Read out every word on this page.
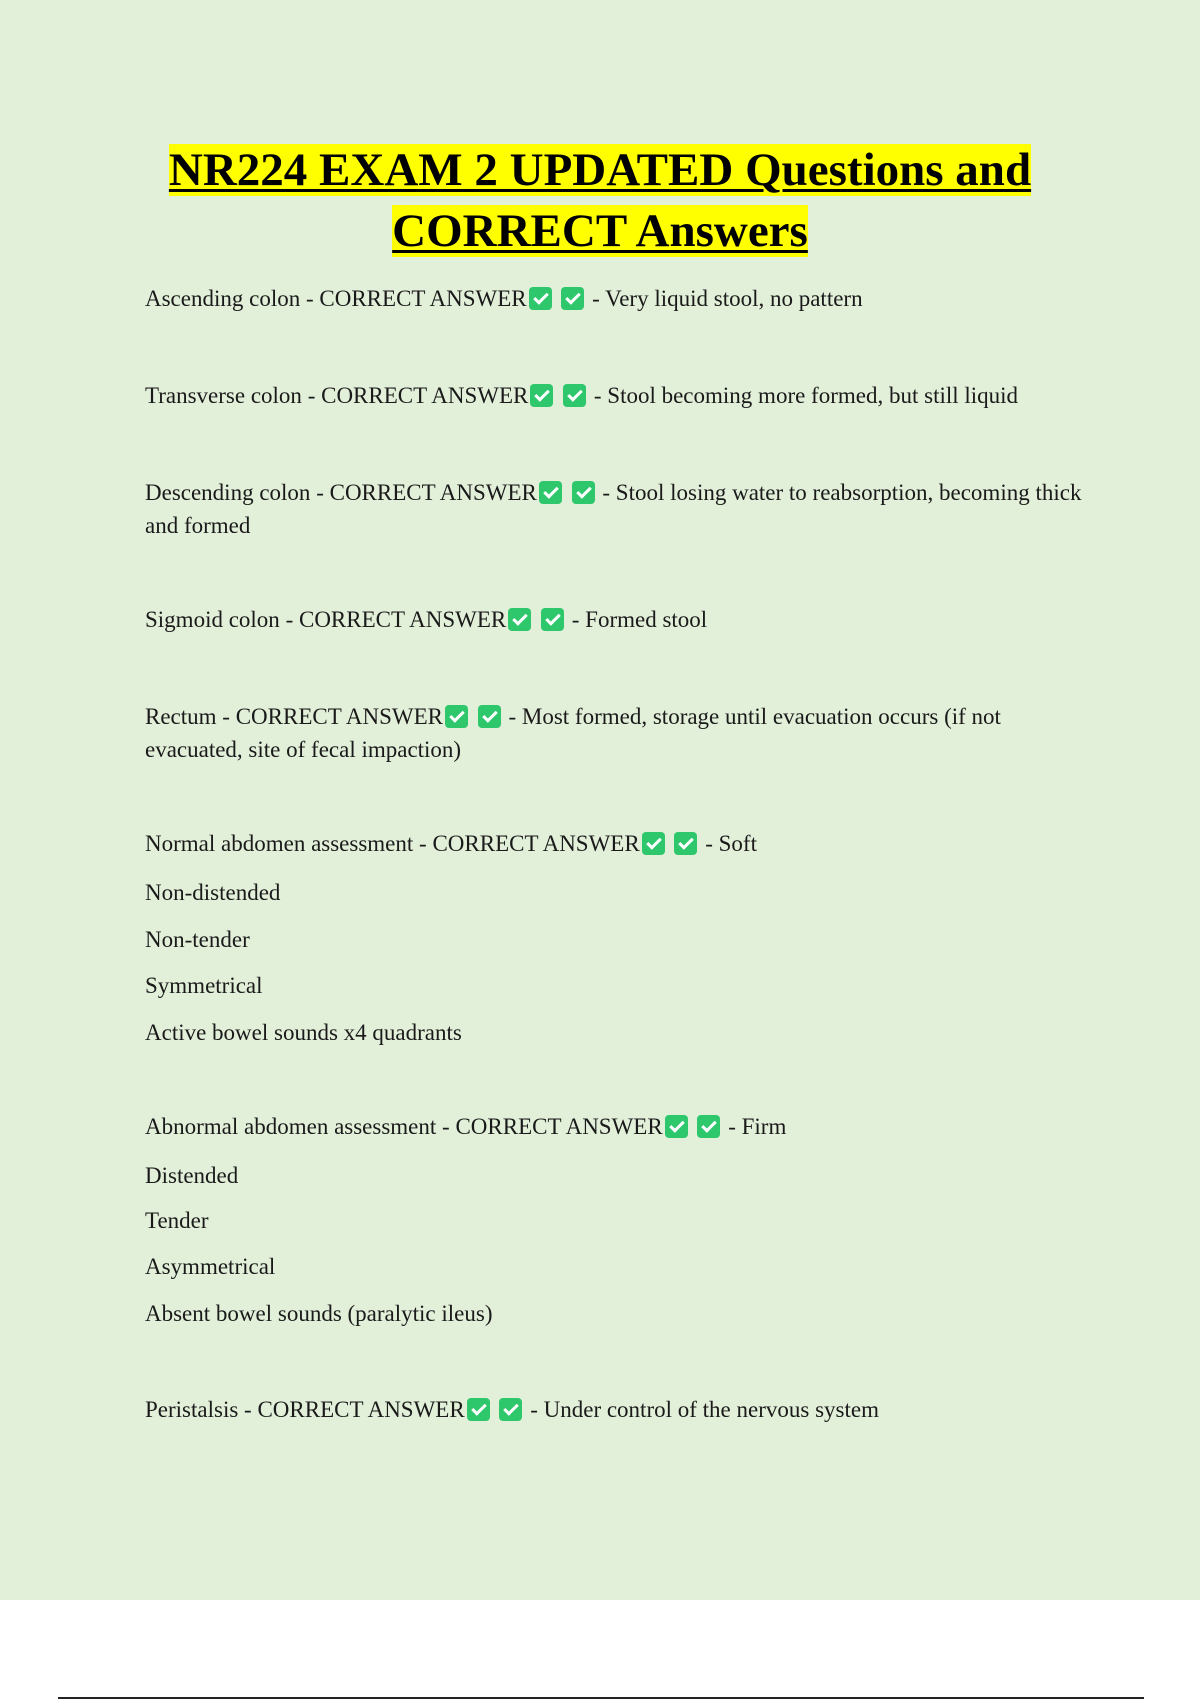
NR224 EXAM 2 UPDATED Questions and
CORRECT Answers

Ascending colon - CORRECT ANSWER	- Very liquid stool, no pattern

Transverse colon - CORRECT ANSWER	- Stool becoming more formed, but still liquid

Descending colon - CORRECT ANSWER	- Stool losing water to reabsorption, becoming thick and formed

Sigmoid colon - CORRECT ANSWER	- Formed stool

Rectum - CORRECT ANSWER	- Most formed, storage until evacuation occurs (if not evacuated, site of fecal impaction)

Normal abdomen assessment - CORRECT ANSWER	- Soft

Non-distended

Non-tender

Symmetrical

Active bowel sounds x4 quadrants

Abnormal abdomen assessment - CORRECT ANSWER	- Firm

Distended

Tender

Asymmetrical

Absent bowel sounds (paralytic ileus)

Peristalsis - CORRECT ANSWER	- Under control of the nervous system
